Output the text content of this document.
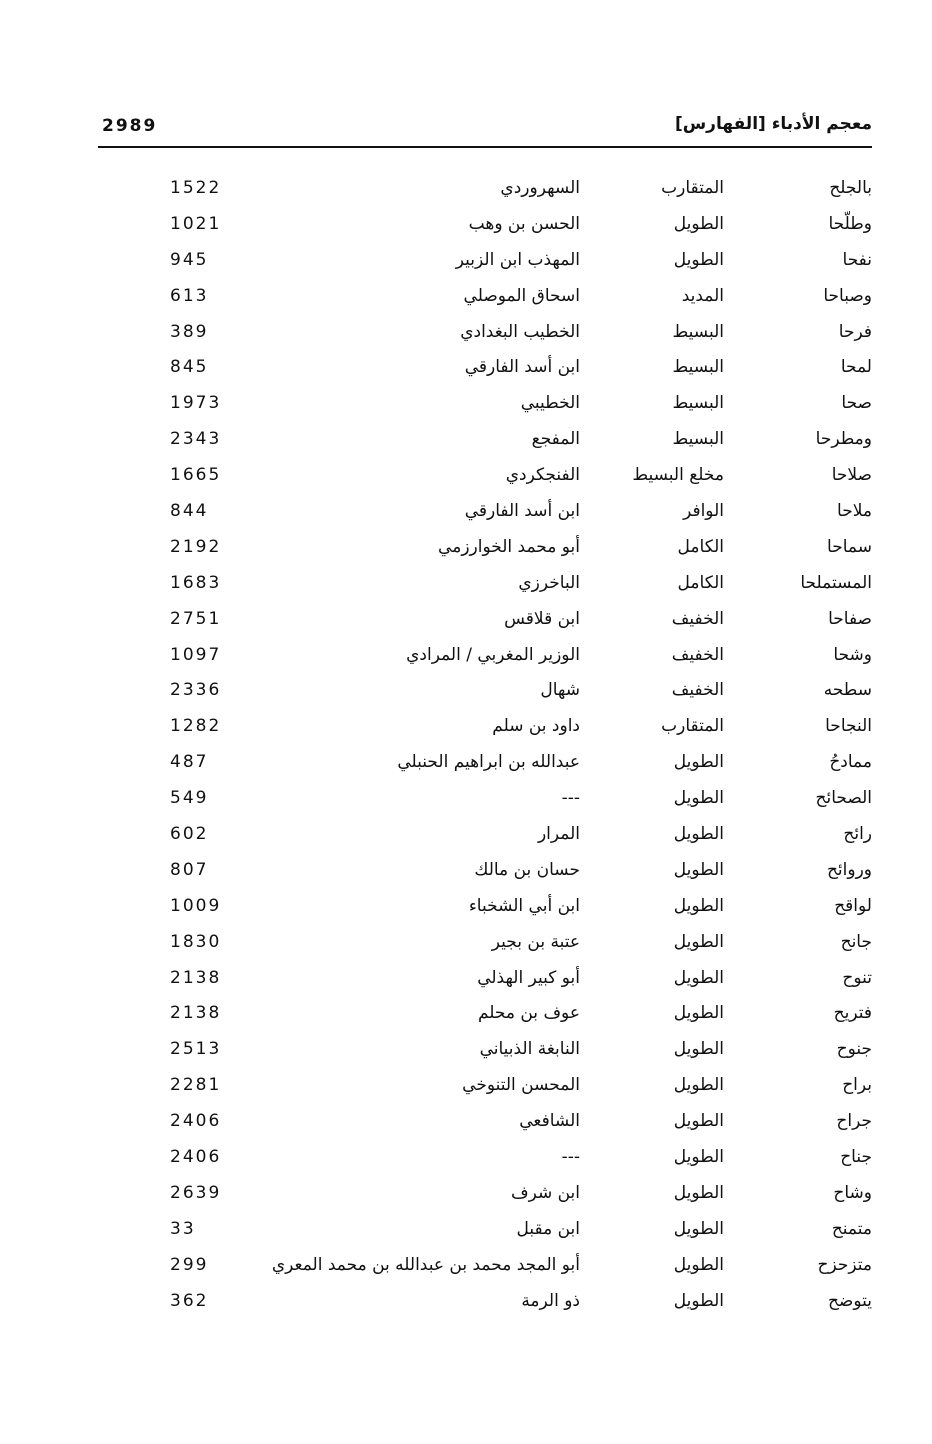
معجم الأدباء [الفهارس]
2989
بالجلح
المتقارب
السهروردي
1522
وطلّحا
الطويل
الحسن بن وهب
1021
نفحا
الطويل
المهذب ابن الزبير
945
وصباحا
المديد
اسحاق الموصلي
613
فرحا
البسيط
الخطيب البغدادي
389
لمحا
البسيط
ابن أسد الفارقي
845
صحا
البسيط
الخطيبي
1973
ومطرحا
البسيط
المفجع
2343
صلاحا
مخلع البسيط
الفنجكردي
1665
ملاحا
الوافر
ابن أسد الفارقي
844
سماحا
الكامل
أبو محمد الخوارزمي
2192
المستملحا
الكامل
الباخرزي
1683
صفاحا
الخفيف
ابن قلاقس
2751
وشحا
الخفيف
الوزير المغربي / المرادي
1097
سطحه
الخفيف
شهال
2336
النجاحا
المتقارب
داود بن سلم
1282
ممادحُ
الطويل
عبدالله بن ابراهيم الحنبلي
487
الصحائح
الطويل
---
549
رائح
الطويل
المرار
602
وروائح
الطويل
حسان بن مالك
807
لواقح
الطويل
ابن أبي الشخباء
1009
جانح
الطويل
عتبة بن بجير
1830
تنوح
الطويل
أبو كبير الهذلي
2138
فتريح
الطويل
عوف بن محلم
2138
جنوح
الطويل
النابغة الذبياني
2513
براح
الطويل
المحسن التنوخي
2281
جراح
الطويل
الشافعي
2406
جناح
الطويل
---
2406
وشاح
الطويل
ابن شرف
2639
متمنح
الطويل
ابن مقبل
33
متزحزح
الطويل
أبو المجد محمد بن عبدالله بن محمد المعري
299
يتوضح
الطويل
ذو الرمة
362
